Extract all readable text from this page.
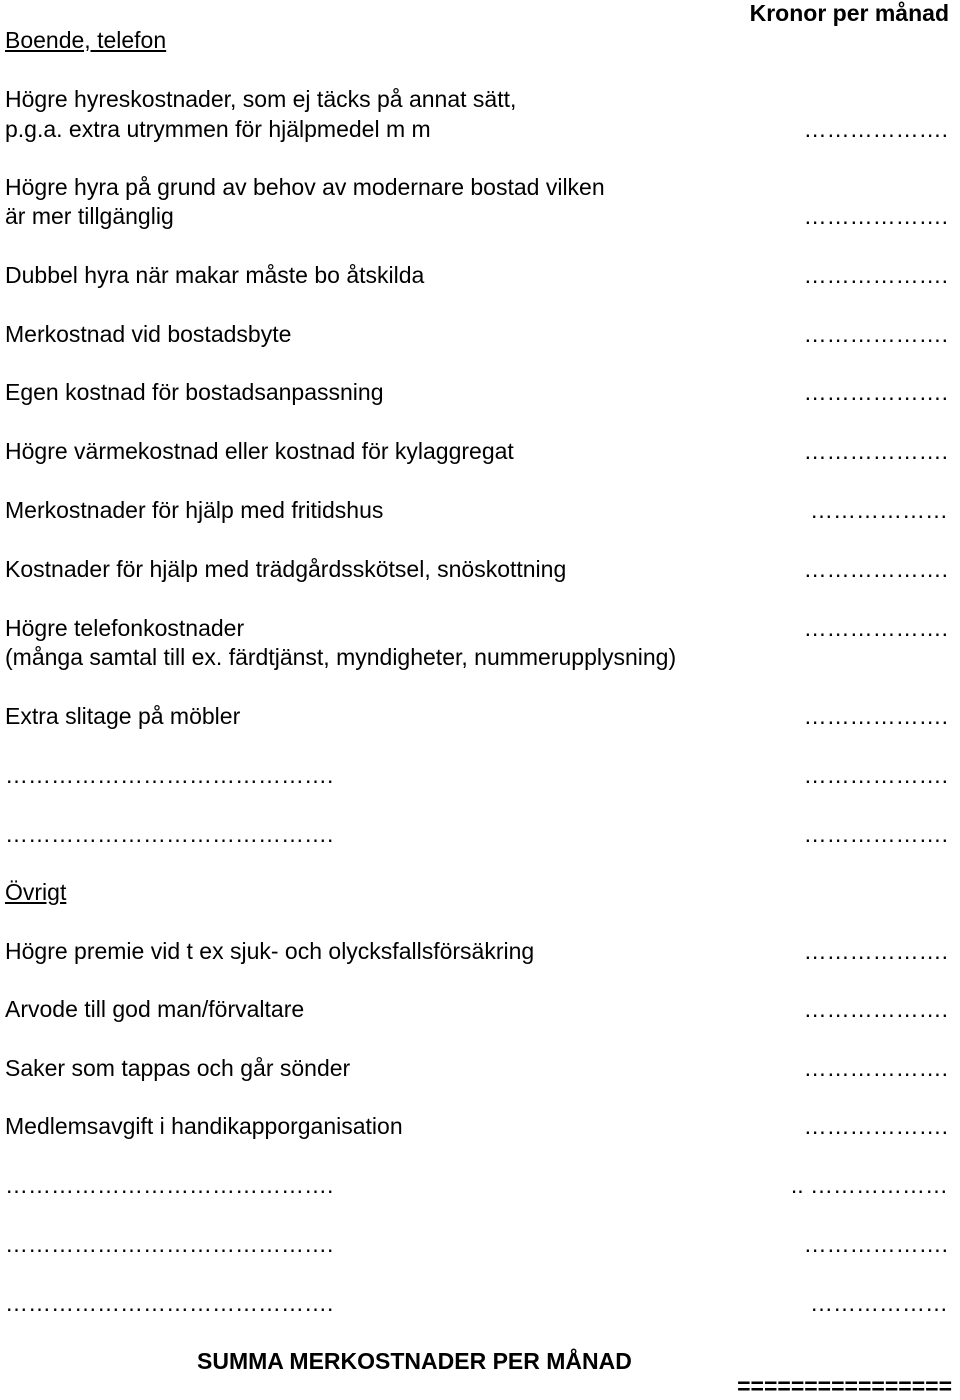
Kronor per månad
Boende, telefon
Högre hyreskostnader, som ej täcks på annat sätt,
p.g.a. extra utrymmen för hjälpmedel m m	……………….
Högre hyra på grund av behov av modernare bostad vilken
är mer tillgänglig	……………….
Dubbel hyra när makar måste bo åtskilda	……………….
Merkostnad vid bostadsbyte	……………….
Egen kostnad för bostadsanpassning	……………….
Högre värmekostnad eller kostnad för kylaggregat	……………….
Merkostnader för hjälp med fritidshus	………………
Kostnader för hjälp med trädgårdsskötsel, snöskottning	……………….
Högre telefonkostnader	……………….
(många samtal till ex. färdtjänst, myndigheter, nummerupplysning)
Extra slitage på möbler	……………….
…………………………………….	……………….
…………………………………….	……………….
Övrigt
Högre premie vid t ex sjuk- och olycksfallsförsäkring	……………….
Arvode till god man/förvaltare	……………….
Saker som tappas och går sönder	……………….
Medlemsavgift i handikapporganisation	……………….
…………………………………….	.. ………………
…………………………………….	……………….
…………………………………….	………………
SUMMA MERKOSTNADER PER MÅNAD
================
